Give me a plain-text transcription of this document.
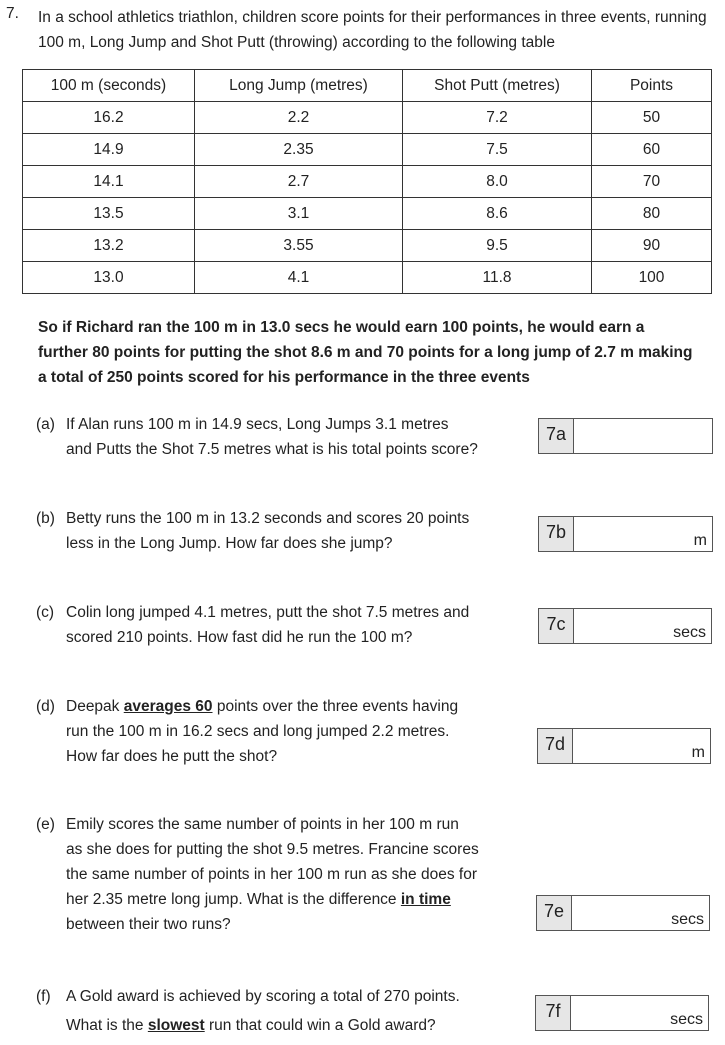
7. In a school athletics triathlon, children score points for their performances in three events, running 100 m, Long Jump and Shot Putt (throwing) according to the following table
100 m (seconds)	Long Jump (metres)	Shot Putt (metres)	Points
16.2	2.2	7.2	50
14.9	2.35	7.5	60
14.1	2.7	8.0	70
13.5	3.1	8.6	80
13.2	3.55	9.5	90
13.0	4.1	11.8	100
So if Richard ran the 100 m in 13.0 secs he would earn 100 points, he would earn a
further 80 points for putting the shot 8.6 m and 70 points for a long jump of 2.7 m making
a total of 250 points scored for his performance in the three events
(a) If Alan runs 100 m in 14.9 secs, Long Jumps 3.1 metres
and Putts the Shot 7.5 metres what is his total points score?
7a
(b) Betty runs the 100 m in 13.2 seconds and scores 20 points
less in the Long Jump. How far does she jump?
7b	m
(c) Colin long jumped 4.1 metres, putt the shot 7.5 metres and
scored 210 points. How fast did he run the 100 m?
7c	secs
(d) Deepak averages 60 points over the three events having
run the 100 m in 16.2 secs and long jumped 2.2 metres.
How far does he putt the shot?
7d	m
(e) Emily scores the same number of points in her 100 m run
as she does for putting the shot 9.5 metres. Francine scores
the same number of points in her 100 m run as she does for
her 2.35 metre long jump. What is the difference in time
between their two runs?
7e	secs
(f) A Gold award is achieved by scoring a total of 270 points.
What is the slowest run that could win a Gold award?
7f	secs
